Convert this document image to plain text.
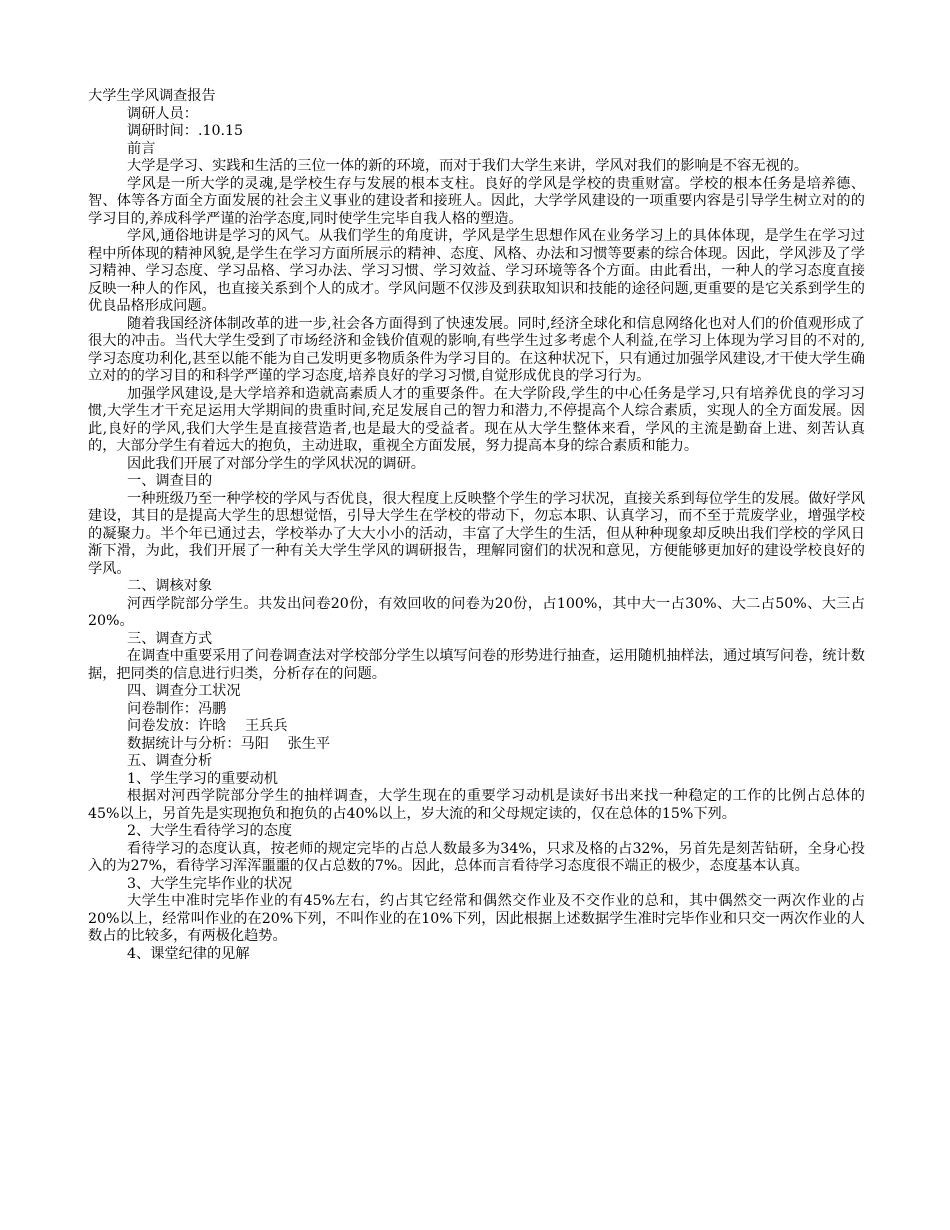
大学生学风调查报告

调研人员：

调研时间：.10.15

前言

大学是学习、实践和生活的三位一体的新的环境，而对于我们大学生来讲，学风对我们的影响是不容无视的。

学风是一所大学的灵魂,是学校生存与发展的根本支柱。良好的学风是学校的贵重财富。学校的根本任务是培养德、智、体等各方面全方面发展的社会主义事业的建设者和接班人。因此，大学学风建设的一项重要内容是引导学生树立对的的学习目的,养成科学严谨的治学态度,同时使学生完毕自我人格的塑造。

学风,通俗地讲是学习的风气。从我们学生的角度讲，学风是学生思想作风在业务学习上的具体体现，是学生在学习过程中所体现的精神风貌,是学生在学习方面所展示的精神、态度、风格、办法和习惯等要素的综合体现。因此，学风涉及了学习精神、学习态度、学习品格、学习办法、学习习惯、学习效益、学习环境等各个方面。由此看出，一种人的学习态度直接反映一种人的作风，也直接关系到个人的成才。学风问题不仅涉及到获取知识和技能的途径问题,更重要的是它关系到学生的优良品格形成问题。

随着我国经济体制改革的进一步,社会各方面得到了快速发展。同时,经济全球化和信息网络化也对人们的价值观形成了很大的冲击。当代大学生受到了市场经济和金钱价值观的影响,有些学生过多考虑个人利益,在学习上体现为学习目的不对的,学习态度功利化,甚至以能不能为自己发明更多物质条件为学习目的。在这种状况下，只有通过加强学风建设,才干使大学生确立对的的学习目的和科学严谨的学习态度,培养良好的学习习惯,自觉形成优良的学习行为。

加强学风建设,是大学培养和造就高素质人才的重要条件。在大学阶段,学生的中心任务是学习,只有培养优良的学习习惯,大学生才干充足运用大学期间的贵重时间,充足发展自己的智力和潜力,不停提高个人综合素质，实现人的全方面发展。因此,良好的学风,我们大学生是直接营造者,也是最大的受益者。现在从大学生整体来看，学风的主流是勤奋上进、刻苦认真的，大部分学生有着远大的抱负，主动进取，重视全方面发展，努力提高本身的综合素质和能力。

因此我们开展了对部分学生的学风状况的调研。

一、调查目的

一种班级乃至一种学校的学风与否优良，很大程度上反映整个学生的学习状况，直接关系到每位学生的发展。做好学风建设，其目的是提高大学生的思想觉悟，引导大学生在学校的带动下，勿忘本职、认真学习，而不至于荒废学业，增强学校的凝聚力。半个年已通过去，学校举办了大大小小的活动，丰富了大学生的生活，但从种种现象却反映出我们学校的学风日渐下滑，为此，我们开展了一种有关大学生学风的调研报告，理解同窗们的状况和意见，方便能够更加好的建设学校良好的学风。

二、调核对象

河西学院部分学生。共发出问卷20份，有效回收的问卷为20份，占100%，其中大一占30%、大二占50%、大三占20%。

三、调查方式

在调查中重要采用了问卷调查法对学校部分学生以填写问卷的形势进行抽查，运用随机抽样法，通过填写问卷，统计数据，把同类的信息进行归类，分析存在的问题。

四、调查分工状况

问卷制作：冯鹏

问卷发放：许晗　 王兵兵

数据统计与分析：马阳　 张生平

五、调查分析

1、学生学习的重要动机

根据对河西学院部分学生的抽样调查，大学生现在的重要学习动机是读好书出来找一种稳定的工作的比例占总体的45%以上，另首先是实现抱负和抱负的占40%以上，岁大流的和父母规定读的，仅在总体的15%下列。

2、大学生看待学习的态度

看待学习的态度认真，按老师的规定完毕的占总人数最多为34%，只求及格的占32%，另首先是刻苦钻研，全身心投入的为27%，看待学习浑浑噩噩的仅占总数的7%。因此，总体而言看待学习态度很不端正的极少，态度基本认真。

3、大学生完毕作业的状况

大学生中准时完毕作业的有45%左右，约占其它经常和偶然交作业及不交作业的总和，其中偶然交一两次作业的占20%以上，经常叫作业的在20%下列，不叫作业的在10%下列，因此根据上述数据学生准时完毕作业和只交一两次作业的人数占的比较多，有两极化趋势。

4、课堂纪律的见解
